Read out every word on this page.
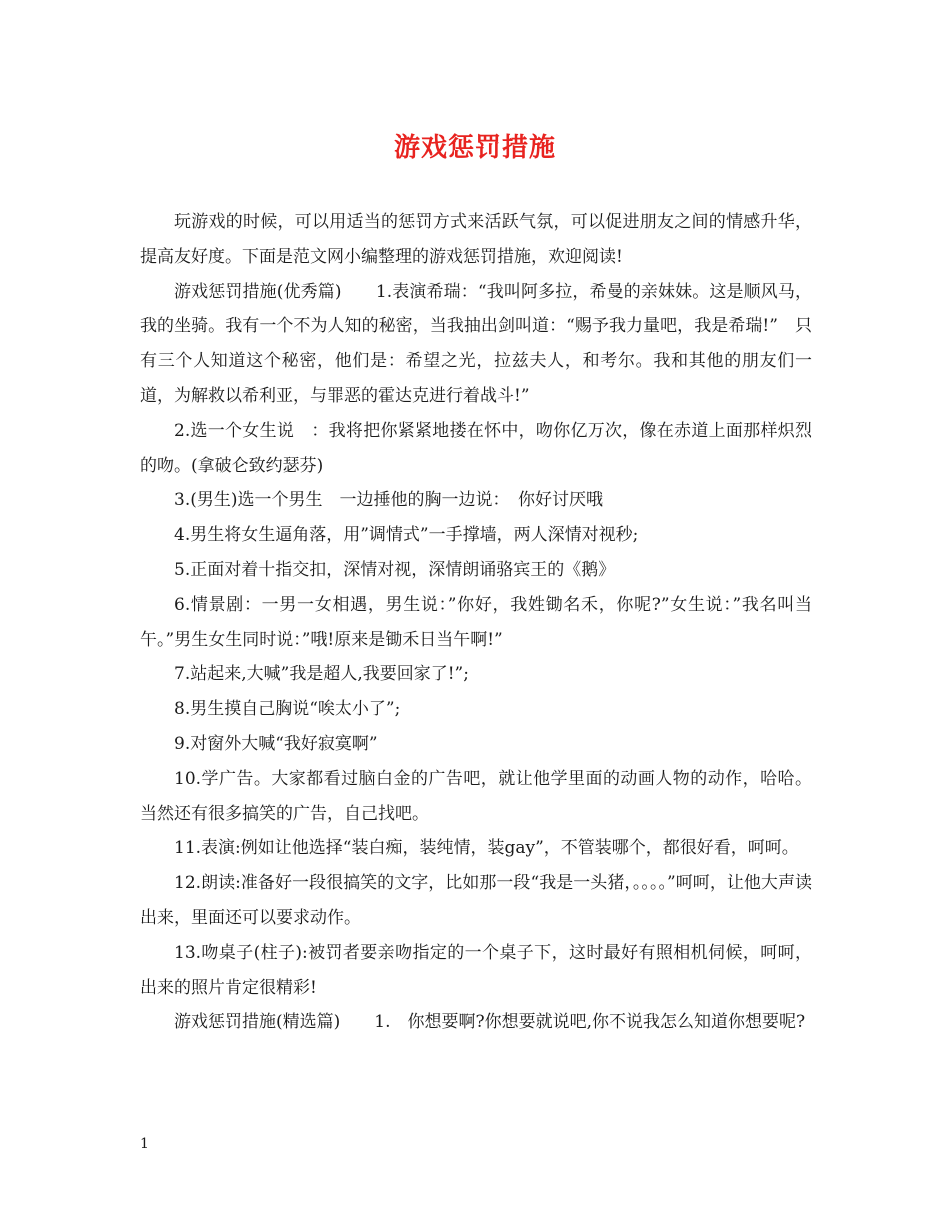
游戏惩罚措施

玩游戏的时候，可以用适当的惩罚方式来活跃气氛，可以促进朋友之间的情感升华，提高友好度。下面是范文网小编整理的游戏惩罚措施，欢迎阅读!

游戏惩罚措施(优秀篇)　　1.表演希瑞：“我叫阿多拉，希曼的亲妹妹。这是顺风马，我的坐骑。我有一个不为人知的秘密，当我抽出剑叫道：“赐予我力量吧，我是希瑞!”　只有三个人知道这个秘密，他们是：希望之光，拉兹夫人，和考尔。我和其他的朋友们一道，为解救以希利亚，与罪恶的霍达克进行着战斗!”

2.选一个女生说　：我将把你紧紧地搂在怀中，吻你亿万次，像在赤道上面那样炽烈的吻。(拿破仑致约瑟芬)

3.(男生)选一个男生　一边捶他的胸一边说：　你好讨厌哦

4.男生将女生逼角落，用”调情式”一手撑墙，两人深情对视秒;

5.正面对着十指交扣，深情对视，深情朗诵骆宾王的《鹅》

6.情景剧：一男一女相遇，男生说：”你好，我姓锄名禾，你呢?”女生说：”我名叫当午。”男生女生同时说：”哦!原来是锄禾日当午啊!”

7.站起来,大喊”我是超人,我要回家了!”;

8.男生摸自己胸说“唉太小了”;

9.对窗外大喊“我好寂寞啊”

10.学广告。大家都看过脑白金的广告吧，就让他学里面的动画人物的动作，哈哈。当然还有很多搞笑的广告，自己找吧。

11.表演:例如让他选择“装白痴，装纯情，装gay”，不管装哪个，都很好看，呵呵。

12.朗读:准备好一段很搞笑的文字，比如那一段“我是一头猪，。。。。”呵呵，让他大声读出来，里面还可以要求动作。

13.吻桌子(柱子):被罚者要亲吻指定的一个桌子下，这时最好有照相机伺候，呵呵，出来的照片肯定很精彩!

游戏惩罚措施(精选篇)　　1.　你想要啊?你想要就说吧,你不说我怎么知道你想要呢?

1
